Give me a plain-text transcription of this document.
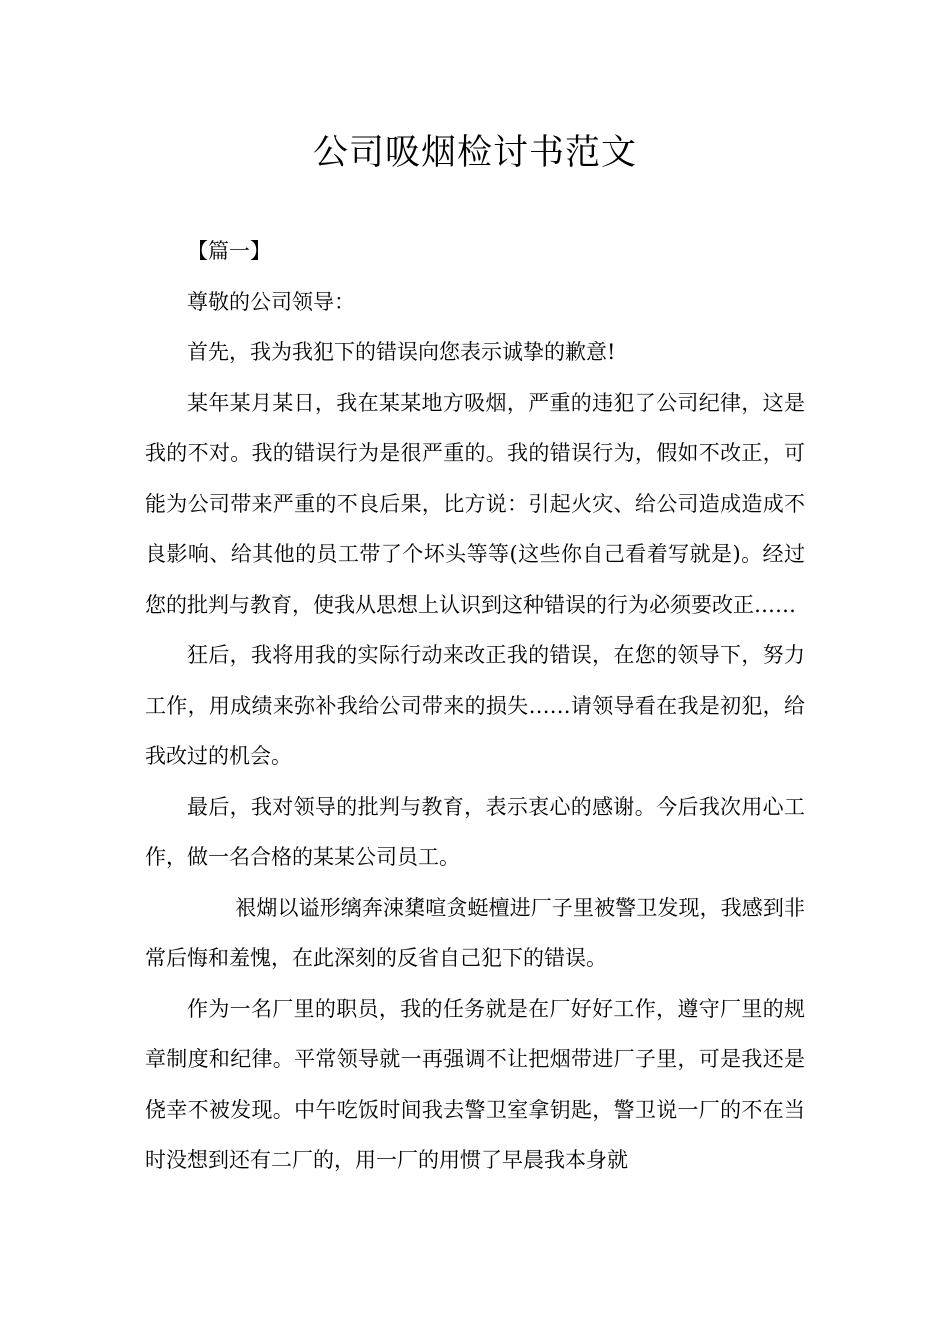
公司吸烟检讨书范文

【篇一】

尊敬的公司领导：

首先，我为我犯下的错误向您表示诚挚的歉意!

某年某月某日，我在某某地方吸烟，严重的违犯了公司纪律，这是我的不对。我的错误行为是很严重的。我的错误行为，假如不改正，可能为公司带来严重的不良后果，比方说：引起火灾、给公司造成造成不良影响、给其他的员工带了个坏头等等(这些你自己看着写就是)。经过您的批判与教育，使我从思想上认识到这种错误的行为必须要改正……

狂后，我将用我的实际行动来改正我的错误，在您的领导下，努力工作，用成绩来弥补我给公司带来的损失……请领导看在我是初犯，给我改过的机会。

最后，我对领导的批判与教育，表示衷心的感谢。今后我次用心工作，做一名合格的某某公司员工。

裉煳以谥形缡奔涑橥喧贪蜓檀进厂子里被警卫发现，我感到非常后悔和羞愧，在此深刻的反省自己犯下的错误。

作为一名厂里的职员，我的任务就是在厂好好工作，遵守厂里的规章制度和纪律。平常领导就一再强调不让把烟带进厂子里，可是我还是侥幸不被发现。中午吃饭时间我去警卫室拿钥匙，警卫说一厂的不在当时没想到还有二厂的，用一厂的用惯了早晨我本身就
